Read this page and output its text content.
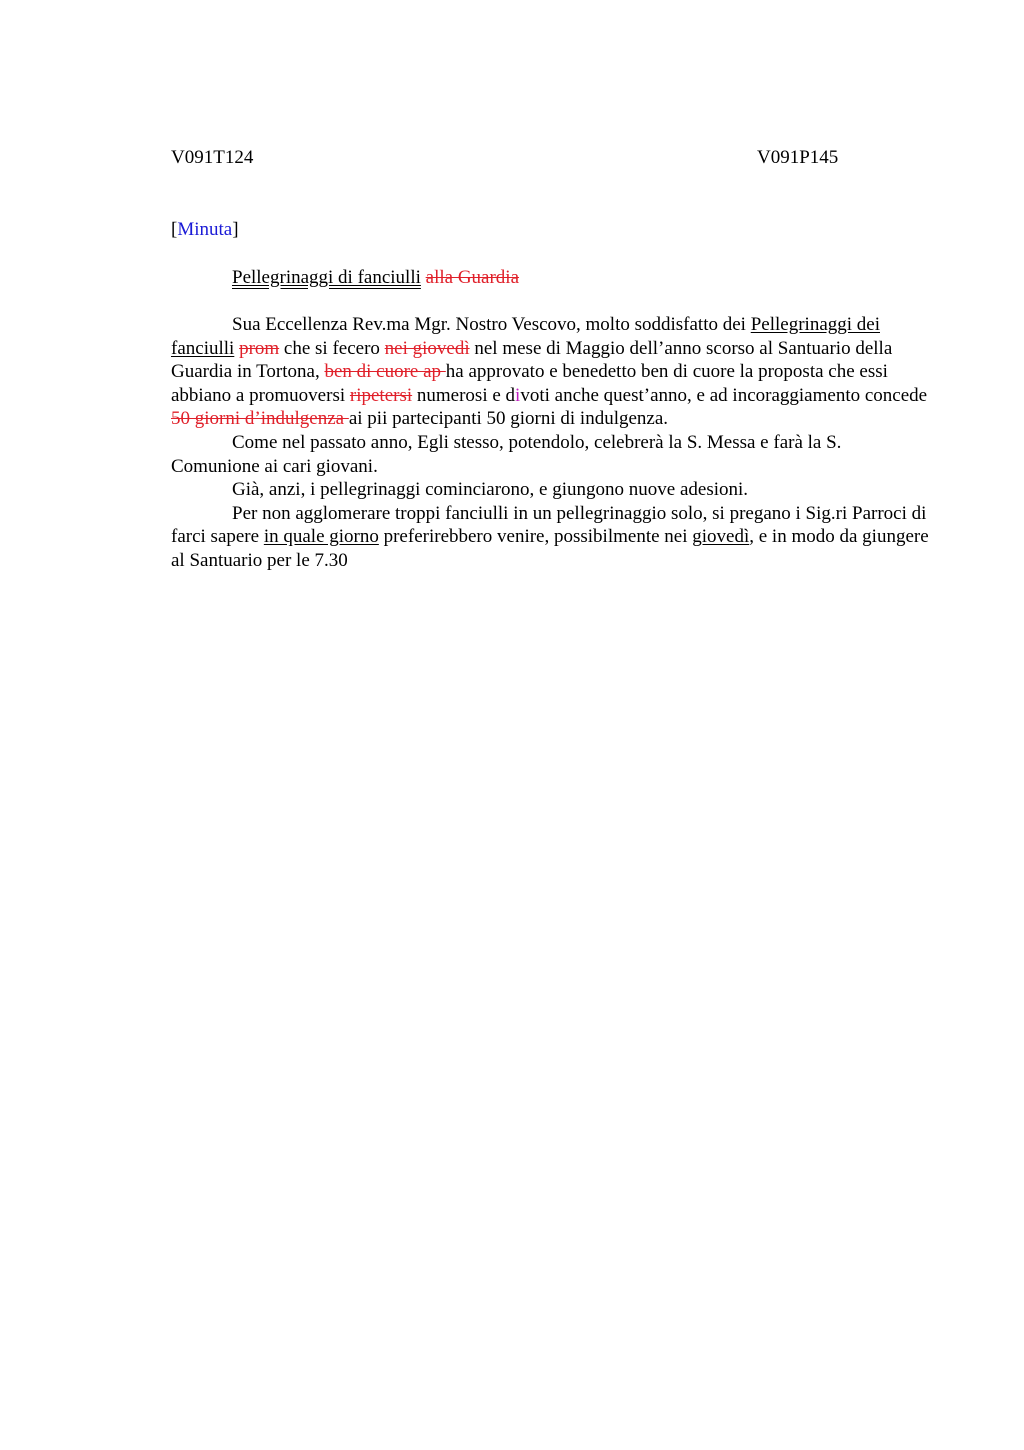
V091T124	V091P145
[Minuta]
Pellegrinaggi di fanciulli alla Guardia

Sua Eccellenza Rev.ma Mgr. Nostro Vescovo, molto soddisfatto dei Pellegrinaggi dei fanciulli prom che si fecero nei giovedì nel mese di Maggio dell’anno scorso al Santuario della Guardia in Tortona, ben di cuore ap ha approvato e benedetto ben di cuore la proposta che essi abbiano a promuoversi ripetersi numerosi e divoti anche quest’anno, e ad incoraggiamento concede 50 giorni d’indulgenza ai pii partecipanti 50 giorni di indulgenza.

Come nel passato anno, Egli stesso, potendolo, celebrerà la S. Messa e farà la S. Comunione ai cari giovani.

Già, anzi, i pellegrinaggi cominciarono, e giungono nuove adesioni.

Per non agglomerare troppi fanciulli in un pellegrinaggio solo, si pregano i Sig.ri Parroci di farci sapere in quale giorno preferirebbero venire, possibilmente nei giovedì, e in modo da giungere al Santuario per le 7.30
